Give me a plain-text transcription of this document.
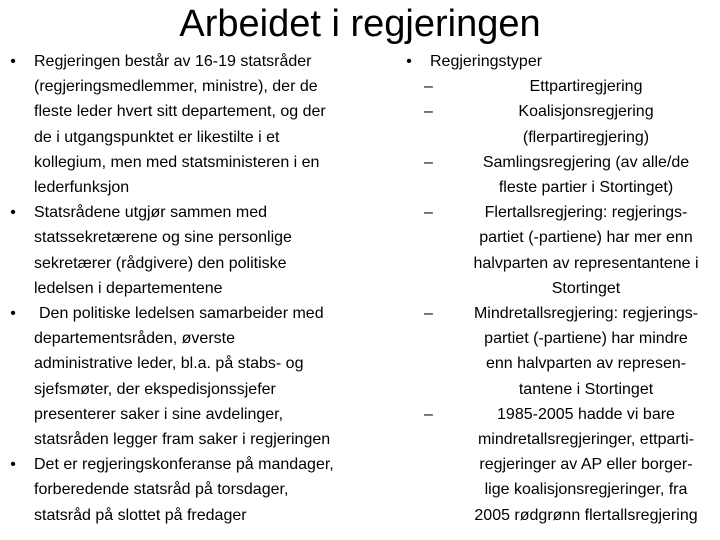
Arbeidet i regjeringen
• Regjeringen består av 16-19 statsråder
(regjeringsmedlemmer, ministre), der de
fleste leder hvert sitt departement, og der
de i utgangspunktet er likestilte i et
kollegium, men med statsministeren i en
lederfunksjon
• Statsrådene utgjør sammen med
statssekretærene og sine personlige
sekretærer (rådgivere) den politiske
ledelsen i departementene
•	Den politiske ledelsen samarbeider med
departementsråden, øverste
administrative leder, bl.a. på stabs- og
sjefsmøter, der ekspedisjonssjefer
presenterer saker i sine avdelinger,
statsråden legger fram saker i regjeringen
• Det er regjeringskonferanse på mandager,
forberedende statsråd på torsdager,
statsråd på slottet på fredager
• Regjeringstyper
–	Ettpartiregjering
–	Koalisjonsregjering
(flerpartiregjering)
–	Samlingsregjering (av alle/de
fleste partier i Stortinget)
–	Flertallsregjering: regjerings-
partiet (-partiene) har mer enn
halvparten av representantene i
Stortinget
–	Mindretallsregjering: regjerings-
partiet (-partiene) har mindre
enn halvparten av represen-
tantene i Stortinget
–	1985-2005 hadde vi bare
mindretallsregjeringer, ettparti-
regjeringer av AP eller borger-
lige koalisjonsregjeringer, fra
2005 rødgrønn flertallsregjering
